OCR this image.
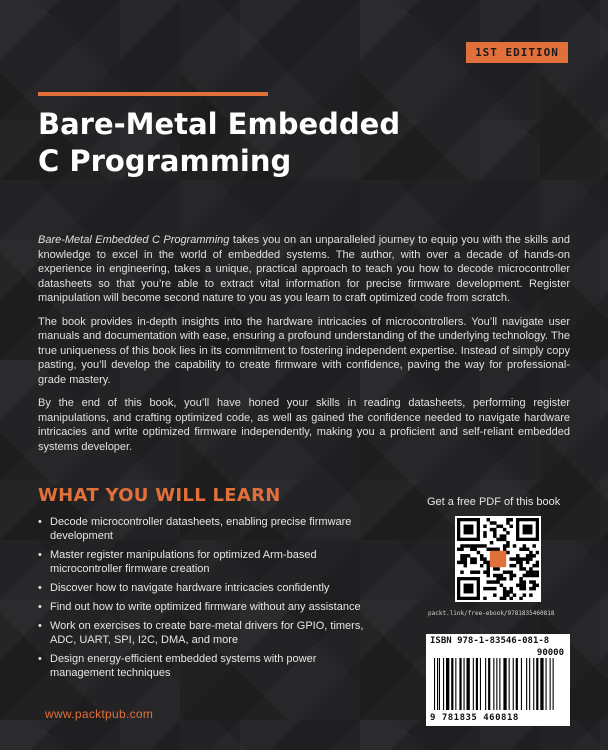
1ST EDITION
Bare-Metal Embedded
C Programming

Bare-Metal Embedded C Programming takes you on an unparalleled journey to equip you with the skills and knowledge to excel in the world of embedded systems. The author, with over a decade of hands-on experience in engineering, takes a unique, practical approach to teach you how to decode microcontroller datasheets so that you’re able to extract vital information for precise firmware development. Register manipulation will become second nature to you as you learn to craft optimized code from scratch.

The book provides in-depth insights into the hardware intricacies of microcontrollers. You’ll navigate user manuals and documentation with ease, ensuring a profound understanding of the underlying technology. The true uniqueness of this book lies in its commitment to fostering independent expertise. Instead of simply copy pasting, you’ll develop the capability to create firmware with confidence, paving the way for professional-grade mastery.

By the end of this book, you’ll have honed your skills in reading datasheets, performing register manipulations, and crafting optimized code, as well as gained the confidence needed to navigate hardware intricacies and write optimized firmware independently, making you a proficient and self-reliant embedded systems developer.

WHAT YOU WILL LEARN
• Decode microcontroller datasheets, enabling precise firmware development
• Master register manipulations for optimized Arm-based microcontroller firmware creation
• Discover how to navigate hardware intricacies confidently
• Find out how to write optimized firmware without any assistance
• Work on exercises to create bare-metal drivers for GPIO, timers, ADC, UART, SPI, I2C, DMA, and more
• Design energy-efficient embedded systems with power management techniques
Get a free PDF of this book
packt.link/free-ebook/9781835460818
ISBN 978-1-83546-081-8
90000
9 781835 460818
www.packtpub.com
